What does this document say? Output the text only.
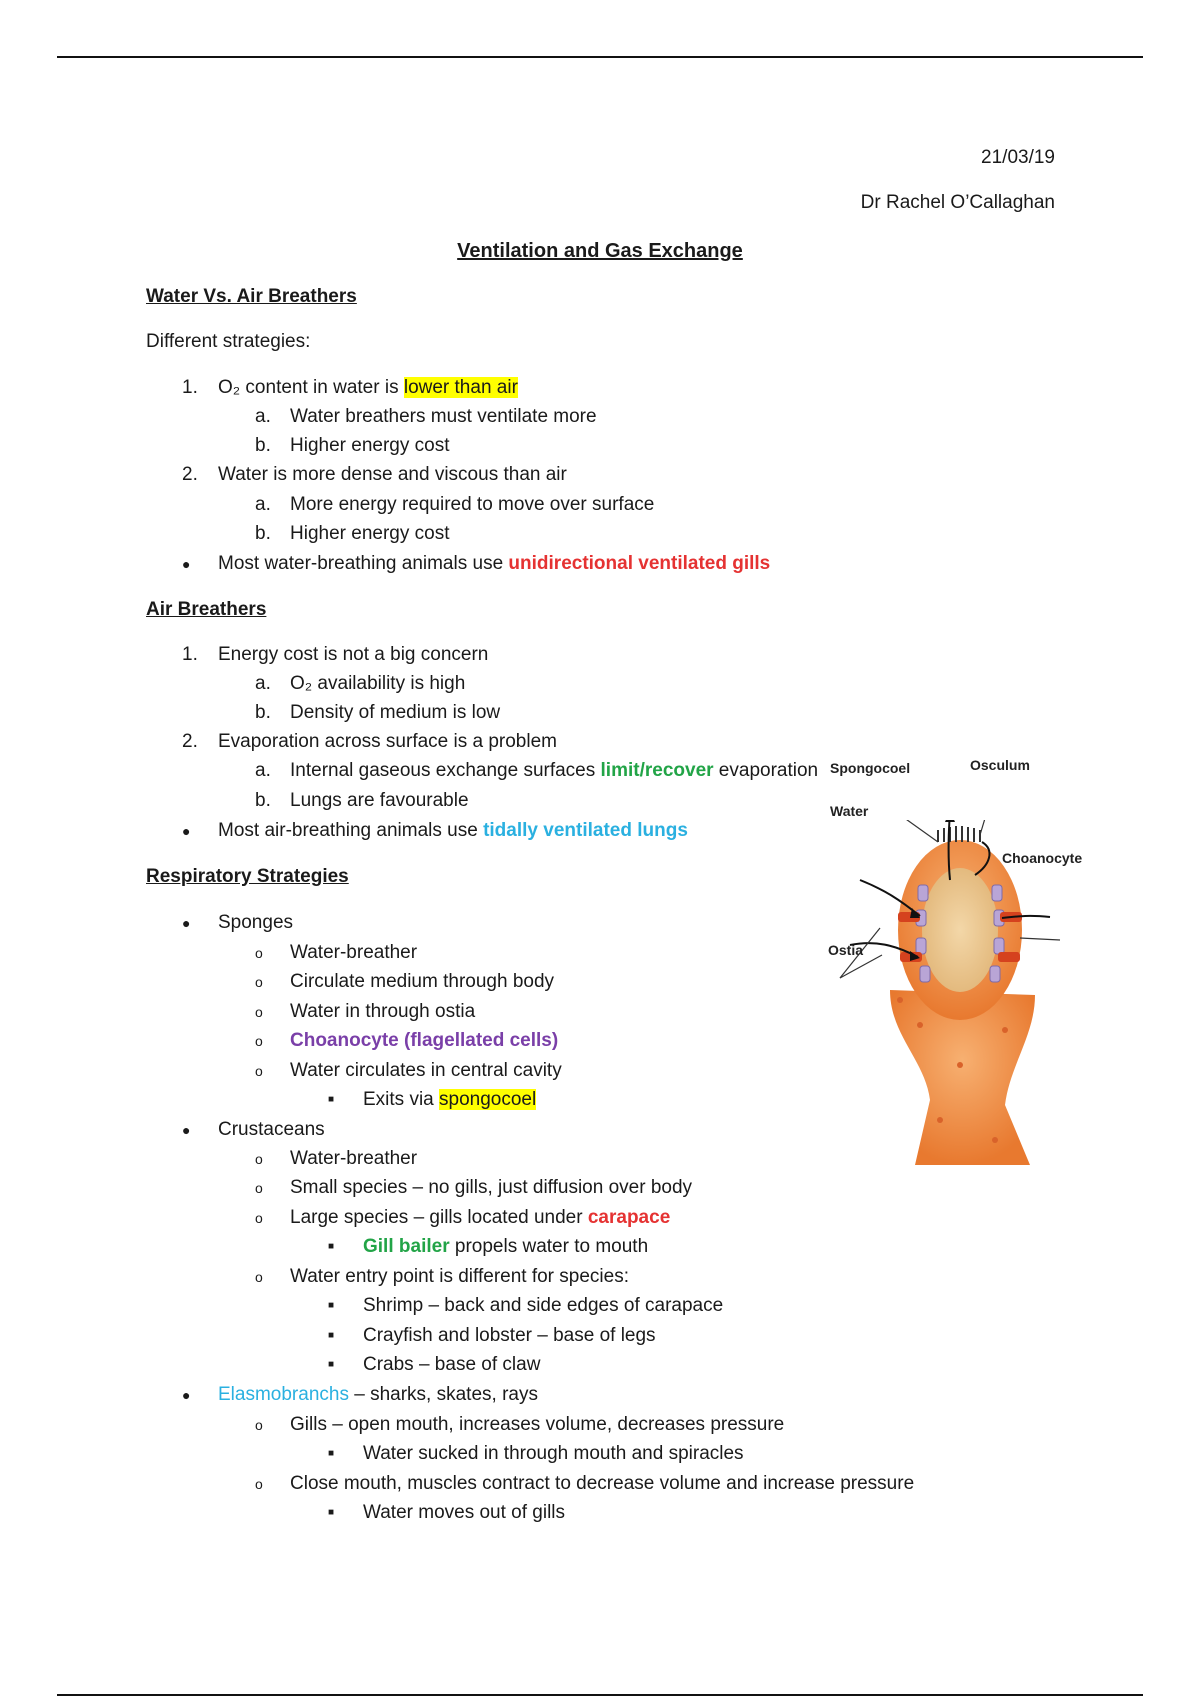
21/03/19
Dr Rachel O’Callaghan
Ventilation and Gas Exchange
Water Vs. Air Breathers
Different strategies:
1.	O₂ content in water is lower than air
a.	Water breathers must ventilate more
b.	Higher energy cost
2.	Water is more dense and viscous than air
a.	More energy required to move over surface
b.	Higher energy cost
●	Most water-breathing animals use unidirectional ventilated gills
Air Breathers
1.	Energy cost is not a big concern
a.	O₂ availability is high
b.	Density of medium is low
2.	Evaporation across surface is a problem
a.	Internal gaseous exchange surfaces limit/recover evaporation
b.	Lungs are favourable
●	Most air-breathing animals use tidally ventilated lungs
Respiratory Strategies
●	Sponges
o	Water-breather
o	Circulate medium through body
o	Water in through ostia
o	Choanocyte (flagellated cells)
o	Water circulates in central cavity
■	Exits via spongocoel
●	Crustaceans
o	Water-breather
o	Small species – no gills, just diffusion over body
o	Large species – gills located under carapace
■	Gill bailer propels water to mouth
o	Water entry point is different for species:
■	Shrimp – back and side edges of carapace
■	Crayfish and lobster – base of legs
■	Crabs – base of claw
●	Elasmobranchs – sharks, skates, rays
o	Gills – open mouth, increases volume, decreases pressure
■	Water sucked in through mouth and spiracles
o	Close mouth, muscles contract to decrease volume and increase pressure
■	Water moves out of gills
Spongocoel	Osculum
Water
Choanocyte
Ostia
